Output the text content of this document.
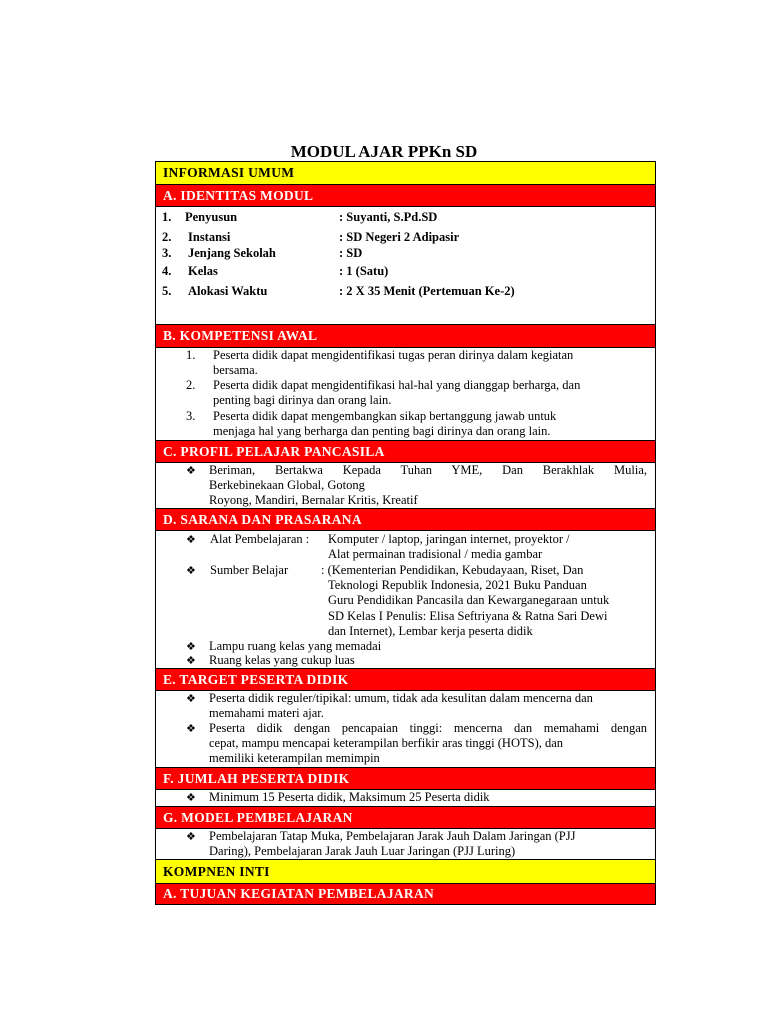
MODUL AJAR PPKn SD
INFORMASI UMUM
A. IDENTITAS MODUL
1. Penyusun	: Suyanti, S.Pd.SD
2. Instansi	: SD Negeri 2 Adipasir
3. Jenjang Sekolah	: SD
4. Kelas	: 1 (Satu)
5. Alokasi Waktu	: 2 X 35 Menit (Pertemuan Ke-2)
B. KOMPETENSI AWAL
1. Peserta didik dapat mengidentifikasi tugas peran dirinya dalam kegiatan
bersama.
2. Peserta didik dapat mengidentifikasi hal-hal yang dianggap berharga, dan
penting bagi dirinya dan orang lain.
3. Peserta didik dapat mengembangkan sikap bertanggung jawab untuk
menjaga hal yang berharga dan penting bagi dirinya dan orang lain.
C. PROFIL PELAJAR PANCASILA
❖ Beriman, Bertakwa Kepada Tuhan YME, Dan Berakhlak Mulia,
Berkebinekaan Global, Gotong
Royong, Mandiri, Bernalar Kritis, Kreatif
D. SARANA DAN PRASARANA
❖ Alat Pembelajaran : Komputer / laptop, jaringan internet, proyektor /
Alat permainan tradisional / media gambar
❖ Sumber Belajar	: (Kementerian Pendidikan, Kebudayaan, Riset, Dan
Teknologi Republik Indonesia, 2021 Buku Panduan
Guru Pendidikan Pancasila dan Kewarganegaraan untuk
SD Kelas I Penulis: Elisa Seftriyana & Ratna Sari Dewi
dan Internet), Lembar kerja peserta didik
❖ Lampu ruang kelas yang memadai
❖ Ruang kelas yang cukup luas
E. TARGET PESERTA DIDIK
❖ Peserta didik reguler/tipikal: umum, tidak ada kesulitan dalam mencerna dan
memahami materi ajar.
❖ Peserta didik dengan pencapaian tinggi: mencerna dan memahami dengan
cepat, mampu mencapai keterampilan berfikir aras tinggi (HOTS), dan
memiliki keterampilan memimpin
F. JUMLAH PESERTA DIDIK
❖ Minimum 15 Peserta didik, Maksimum 25 Peserta didik
G. MODEL PEMBELAJARAN
❖ Pembelajaran Tatap Muka, Pembelajaran Jarak Jauh Dalam Jaringan (PJJ
Daring), Pembelajaran Jarak Jauh Luar Jaringan (PJJ Luring)
KOMPNEN INTI
A. TUJUAN KEGIATAN PEMBELAJARAN
